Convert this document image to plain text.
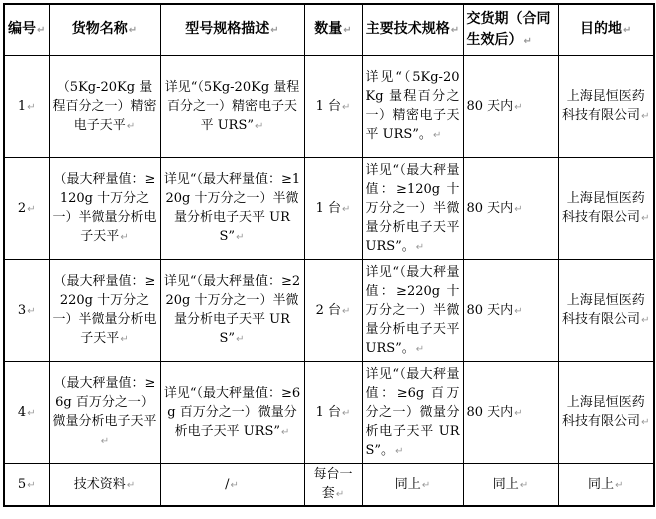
编号↵	货物名称↵	型号规格描述↵	数量↵	主要技术规格↵	交货期（合同生效后）↵	目的地↵
1↵	（5Kg-20Kg 量程百分之一）精密电子天平↵	详见“（5Kg-20Kg 量程百分之一）精密电子天平 URS”↵	1 台↵	详见“（5Kg-20Kg 量程百分之一）精密电子天平 URS”。↵	80 天内↵	上海昆恒医药科技有限公司↵
2↵	（最大秤量值：≥120g 十万分之一）半微量分析电子天平↵	详见“（最大秤量值：≥120g 十万分之一）半微量分析电子天平 URS”↵	1 台↵	详见“（最大秤量值：≥120g 十万分之一）半微量分析电子天平 URS”。↵	80 天内↵	上海昆恒医药科技有限公司↵
3↵	（最大秤量值：≥220g 十万分之一）半微量分析电子天平↵	详见“（最大秤量值：≥220g 十万分之一）半微量分析电子天平 URS”↵	2 台↵	详见“（最大秤量值：≥220g 十万分之一）半微量分析电子天平 URS”。↵	80 天内↵	上海昆恒医药科技有限公司↵
4↵	（最大秤量值：≥6g 百万分之一）微量分析电子天平↵	详见“（最大秤量值：≥6g 百万分之一）微量分析电子天平 URS”↵	1 台↵	详见“（最大秤量值：≥6g 百万分之一）微量分析电子天平 URS”。↵	80 天内↵	上海昆恒医药科技有限公司↵
5↵	技术资料↵	/↵	每台一套↵	同上↵	同上↵	同上↵
